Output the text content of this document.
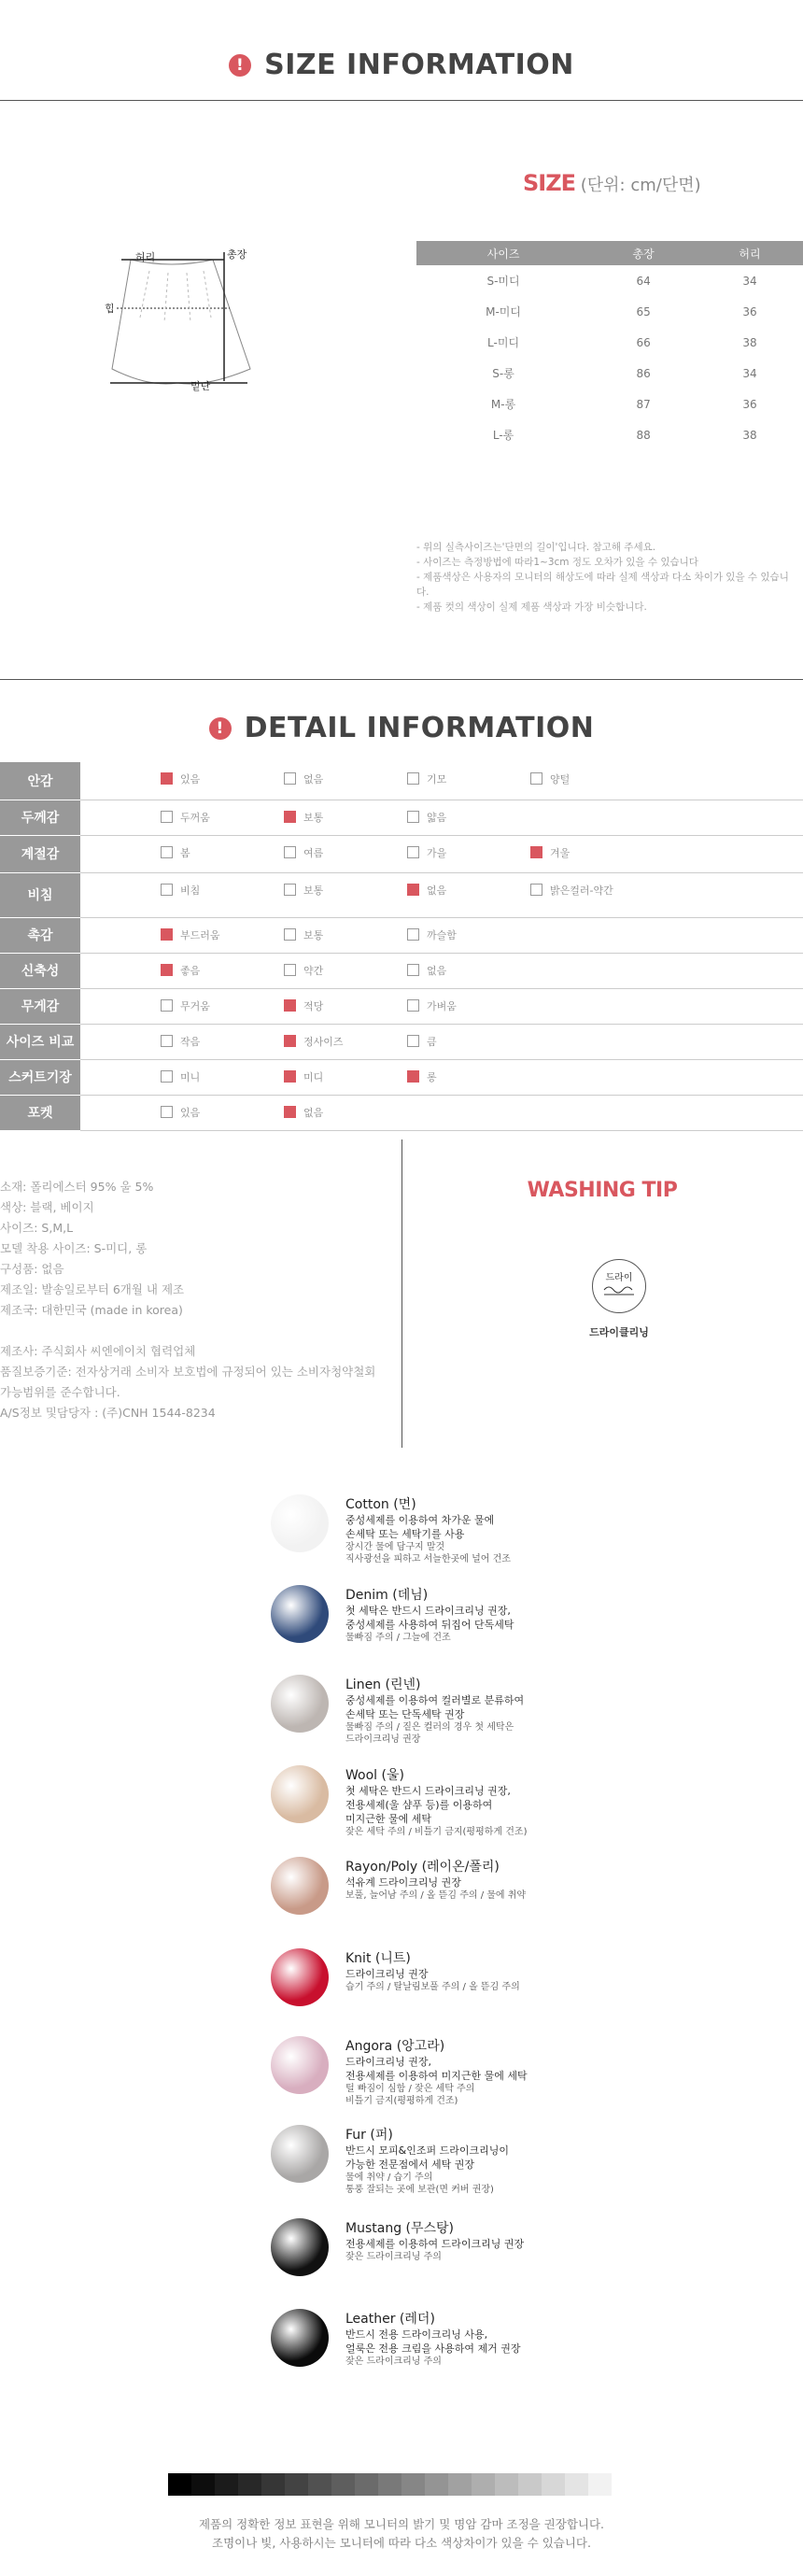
! SIZE INFORMATION
허리	총장
힙
밑단
SIZE (단위: cm/단면)
사이즈	총장	허리
S-미디	64	34
M-미디	65	36
L-미디	66	38
S-롱	86	34
M-롱	87	36
L-롱	88	38
- 위의 실측사이즈는'단면의 길이'입니다. 참고해 주세요.
- 사이즈는 측정방법에 따라1~3cm 정도 오차가 있을 수 있습니다
- 제품색상은 사용자의 모니터의 해상도에 따라 실제 색상과 다소 차이가 있을 수 있습니다.
- 제품 컷의 색상이 실제 제품 색상과 가장 비슷합니다.
! DETAIL INFORMATION
안감	있음	없음	기모	양털	
두께감	두꺼움	보통	얇음		
계절감	봄	여름	가을	겨울	
비침	비침	보통	없음	밝은컬러-약간	
촉감	부드러움	보통	까슬함		
신축성	좋음	약간	없음		
무게감	무거움	적당	가벼움		
사이즈 비교	작음	정사이즈	큼		
스커트기장	미니	미디	롱		
포켓	있음	없음			
소재: 폴리에스터 95% 울 5%
색상: 블랙, 베이지
사이즈: S,M,L
모델 착용 사이즈: S-미디, 롱
구성품: 없음
제조일: 발송일로부터 6개월 내 제조
제조국: 대한민국 (made in korea)

제조사: 주식회사 씨엔에이치 협력업체
품질보증기준: 전자상거래 소비자 보호법에 규정되어 있는 소비자청약철회
가능범위를 준수합니다.
A/S정보 및담당자 : (주)CNH 1544-8234
WASHING TIP
드라이
드라이클리닝
Cotton (면)
중성세제를 이용하여 차가운 물에
손세탁 또는 세탁기를 사용
장시간 물에 담구지 말것
직사광선을 피하고 서늘한곳에 널어 건조
Denim (데님)
첫 세탁은 반드시 드라이크리닝 권장,
중성세제를 사용하여 뒤집어 단독세탁
물빠짐 주의 / 그늘에 건조
Linen (린넨)
중성세제를 이용하여 컬러별로 분류하여
손세탁 또는 단독세탁 권장
물빠짐 주의 / 짙은 컬러의 경우 첫 세탁은
드라이크리닝 권장
Wool (울)
첫 세탁은 반드시 드라이크리닝 권장,
전용세제(울 샴푸 등)를 이용하여
미지근한 물에 세탁
잦은 세탁 주의 / 비틀기 금지(평평하게 건조)
Rayon/Poly (레이온/폴리)
석유계 드라이크리닝 권장
보풀, 늘어남 주의 / 올 뜯김 주의 / 물에 취약
Knit (니트)
드라이크리닝 권장
습기 주의 / 탈날림보풀 주의 / 올 뜯김 주의
Angora (앙고라)
드라이크리닝 권장,
전용세제를 이용하여 미지근한 물에 세탁
털 빠짐이 심함 / 잦은 세탁 주의
비틀기 금지(평평하게 건조)
Fur (퍼)
반드시 모피&인조퍼 드라이크리닝이
가능한 전문점에서 세탁 권장
물에 취약 / 습기 주의
통풍 잘되는 곳에 보관(면 커버 권장)
Mustang (무스탕)
전용세제를 이용하여 드라이크리닝 권장
잦은 드라이크리닝 주의
Leather (레더)
반드시 전용 드라이크리닝 사용,
얼룩은 전용 크림을 사용하여 제거 권장
잦은 드라이크리닝 주의
제품의 정확한 정보 표현을 위해 모니터의 밝기 및 명암 감마 조정을 권장합니다.
조명이나 빛, 사용하시는 모니터에 따라 다소 색상차이가 있을 수 있습니다.
